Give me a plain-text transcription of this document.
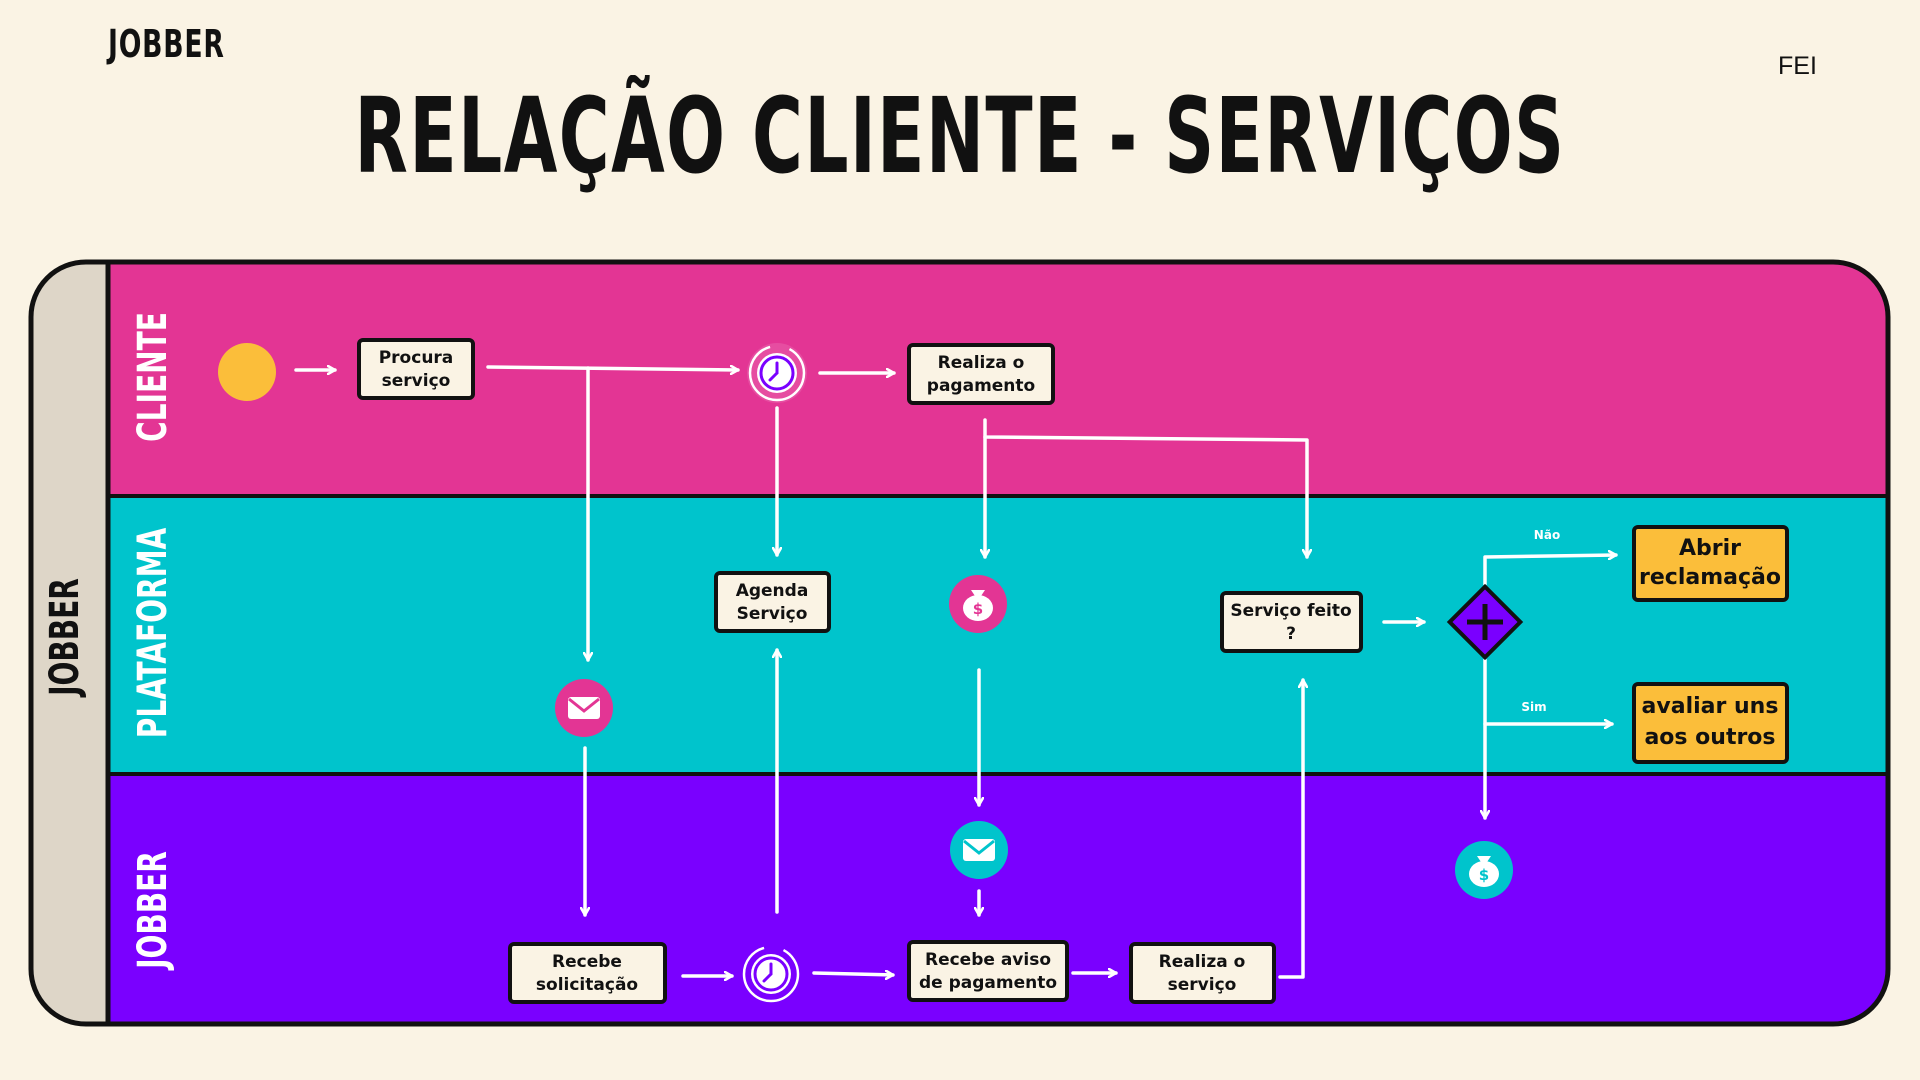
JOBBER	FEI
RELAÇÃO CLIENTE - SERVIÇOS
JOBBER
CLIENTE
PLATAFORMA
JOBBER
Não
Sim
$
$
Procura
serviço
Realiza o
pagamento
Agenda
Serviço	Serviço feito
?
Abrir
reclamação
avaliar uns
aos outros
Recebe
solicitação
Recebe aviso
de pagamento
Realiza o
serviço
